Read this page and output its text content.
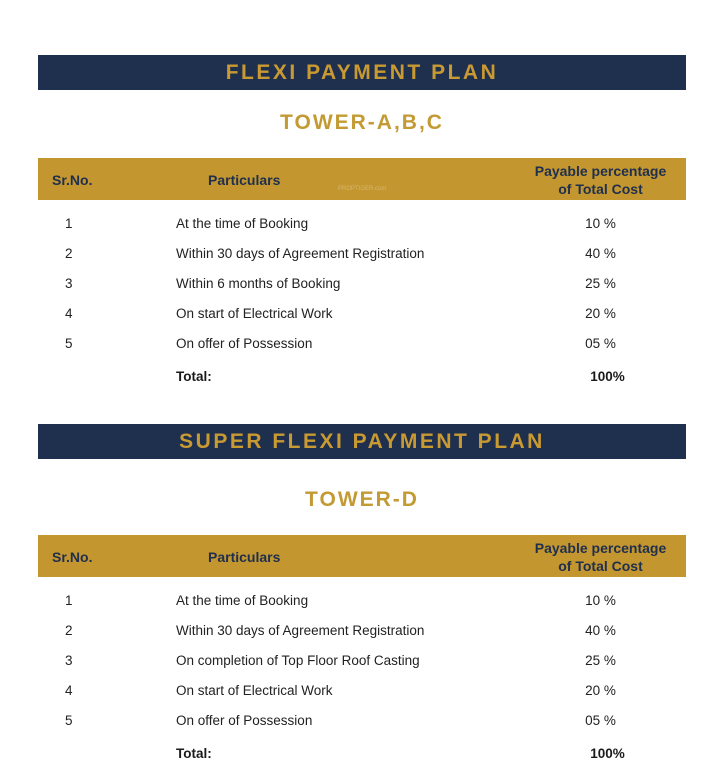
FLEXI PAYMENT PLAN
TOWER-A,B,C
Sr.No.	Particulars
PROPTIGER.com
Payable percentage
of Total Cost
1	At the time of Booking	10 %
2	Within 30 days of Agreement Registration	40 %
3	Within 6 months of Booking	25 %
4	On start of Electrical Work	20 %
5	On offer of Possession	05 %
Total:	100%
SUPER FLEXI PAYMENT PLAN
TOWER-D
Sr.No.	Particulars
Payable percentage
of Total Cost
1	At the time of Booking	10 %
2	Within 30 days of Agreement Registration	40 %
3	On completion of Top Floor Roof Casting	25 %
4	On start of Electrical Work	20 %
5	On offer of Possession	05 %
Total:	100%
